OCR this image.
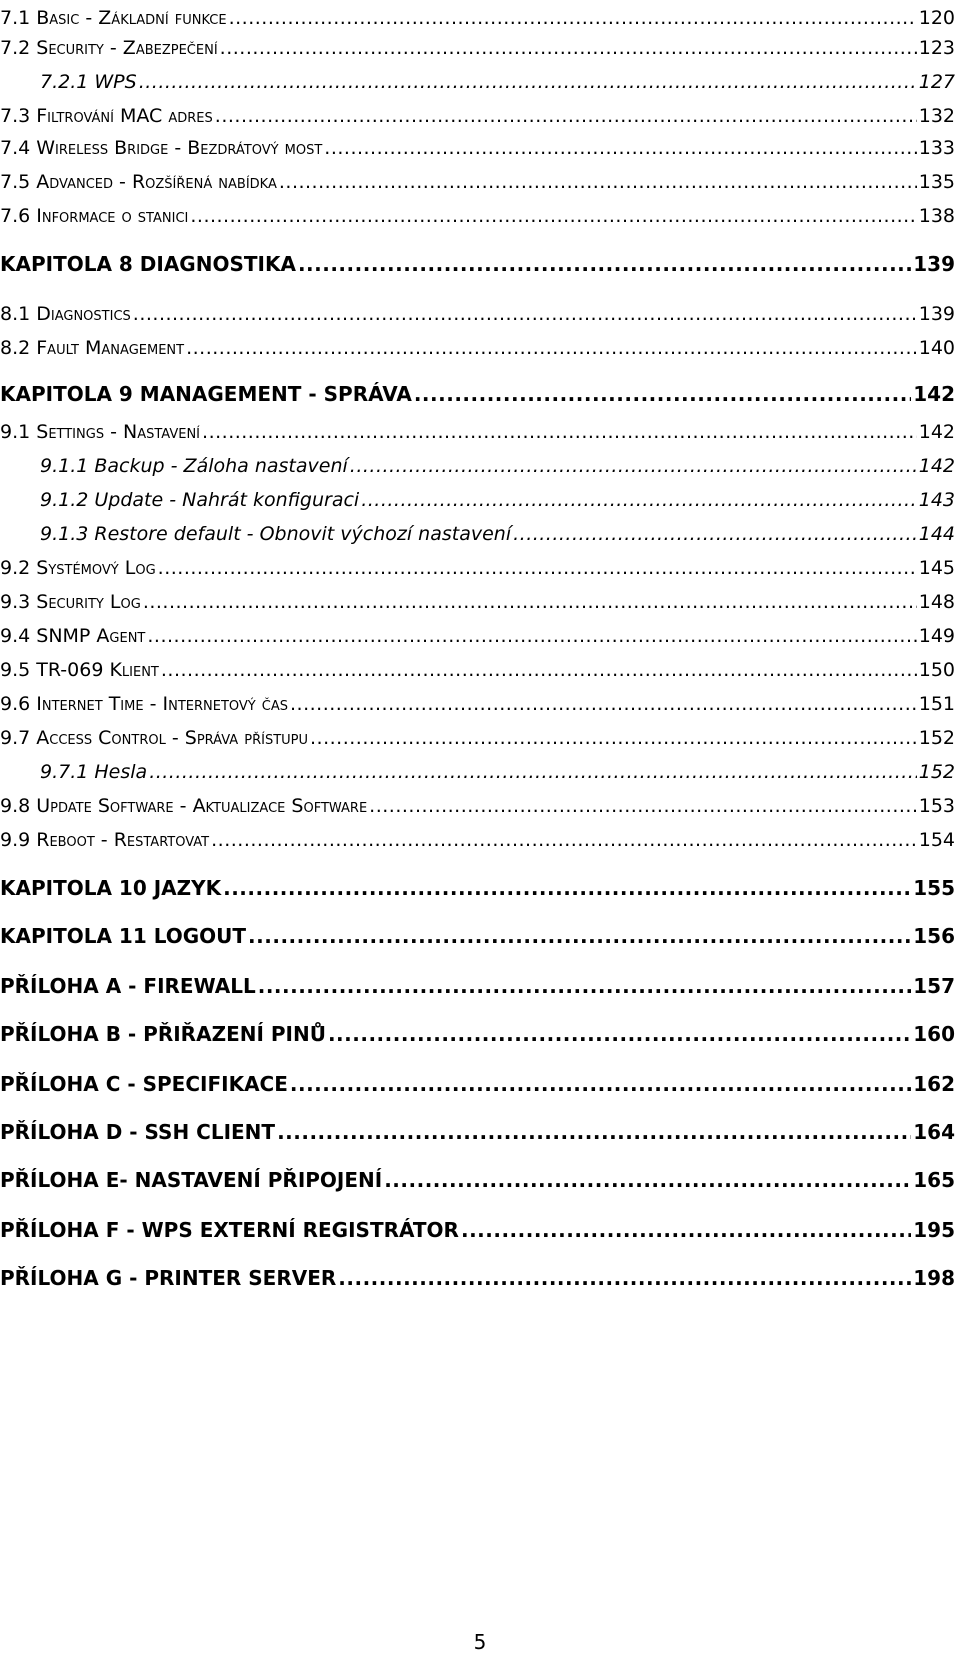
7.1 Basic - Základní funkce .....	120
7.2 Security - Zabezpečení .....	123
7.2.1 WPS .....	127
7.3 Filtrování MAC adres .....	132
7.4 Wireless Bridge - Bezdrátový most .....	133
7.5 Advanced - Rozšířená nabídka .....	135
7.6 Informace o stanici .....	138
KAPITOLA 8 DIAGNOSTIKA .....	139
8.1 Diagnostics .....	139
8.2 Fault Management .....	140
KAPITOLA 9 MANAGEMENT - SPRÁVA .....	142
9.1 Settings - Nastavení .....	142
9.1.1 Backup - Záloha nastavení .....	142
9.1.2 Update - Nahrát konfiguraci .....	143
9.1.3 Restore default - Obnovit výchozí nastavení .....	144
9.2 Systémový Log .....	145
9.3 Security Log .....	148
9.4 SNMP Agent .....	149
9.5 TR-069 Klient .....	150
9.6 Internet Time - Internetový čas .....	151
9.7 Access Control - Správa přístupu .....	152
9.7.1 Hesla .....	152
9.8 Update Software - Aktualizace Software .....	153
9.9 Reboot - Restartovat .....	154
KAPITOLA 10 JAZYK .....	155
KAPITOLA 11 LOGOUT .....	156
PŘÍLOHA A - FIREWALL .....	157
PŘÍLOHA B - PŘIŘAZENÍ PINŮ .....	160
PŘÍLOHA C - SPECIFIKACE .....	162
PŘÍLOHA D - SSH CLIENT .....	164
PŘÍLOHA E- NASTAVENÍ PŘIPOJENÍ .....	165
PŘÍLOHA F - WPS EXTERNÍ REGISTRÁTOR .....	195
PŘÍLOHA G - PRINTER SERVER .....	198
5
